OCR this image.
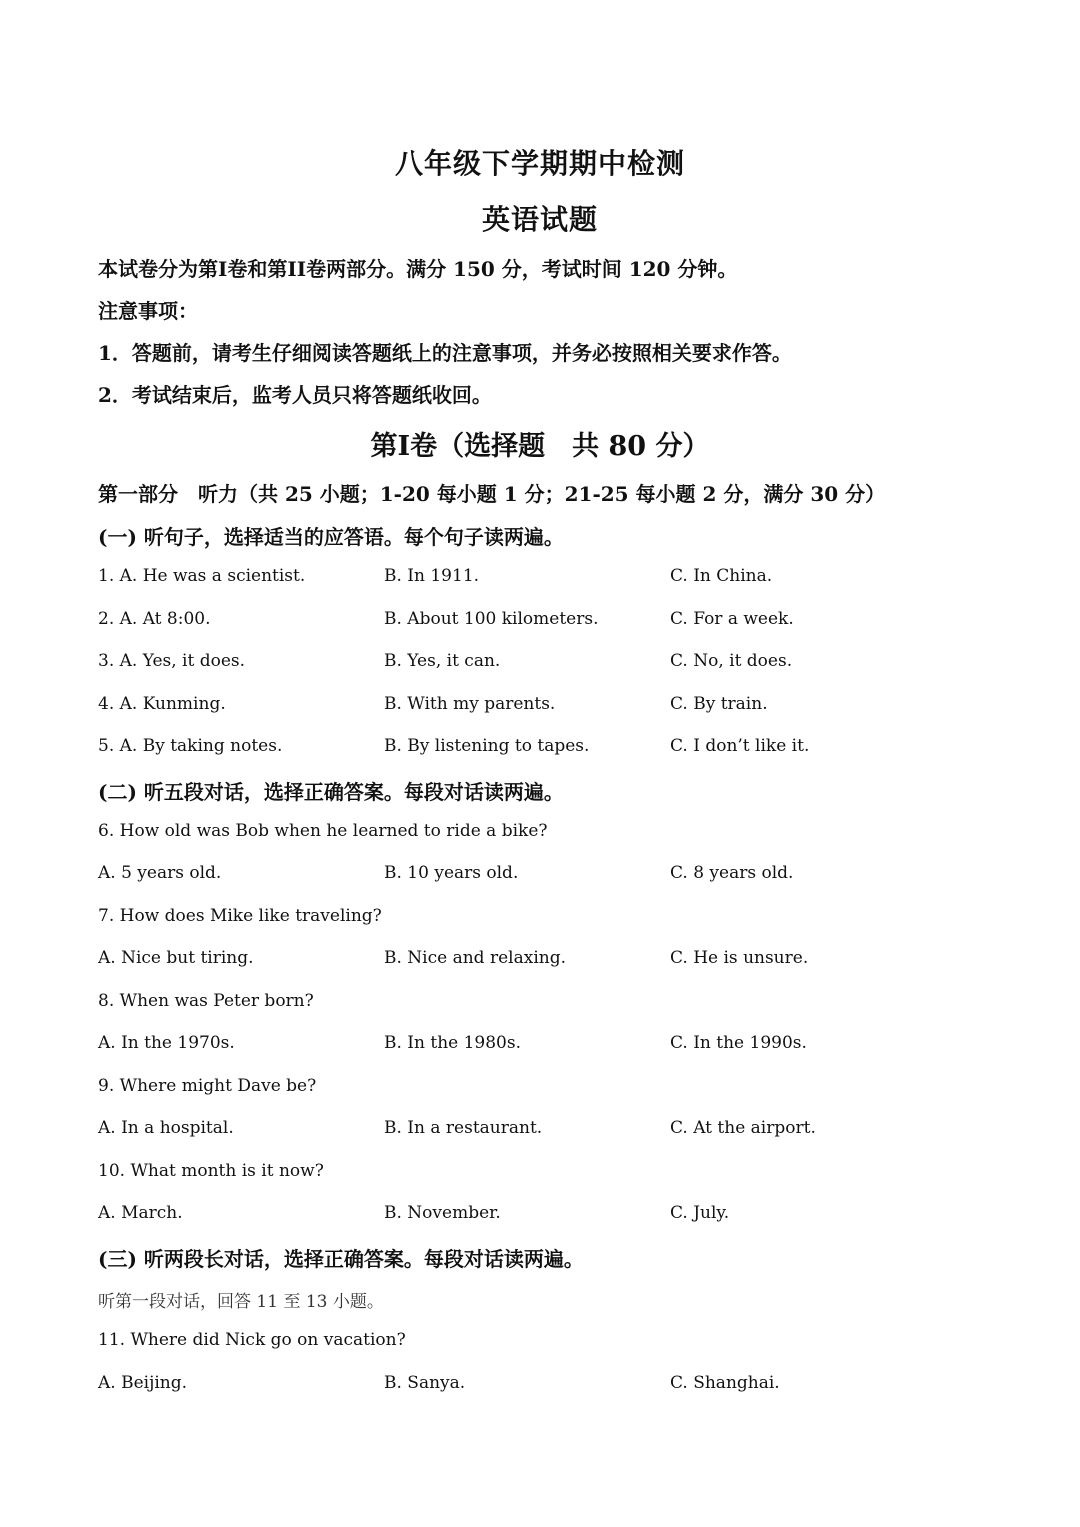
八年级下学期期中检测
英语试题
本试卷分为第I卷和第II卷两部分。满分 150 分，考试时间 120 分钟。
注意事项：
1．答题前，请考生仔细阅读答题纸上的注意事项，并务必按照相关要求作答。
2．考试结束后，监考人员只将答题纸收回。
第I卷（选择题　共 80 分）
第一部分　听力（共 25 小题；1-20 每小题 1 分；21-25 每小题 2 分，满分 30 分）
(一) 听句子，选择适当的应答语。每个句子读两遍。
1. A. He was a scientist.	B. In 1911.	C. In China.
2. A. At 8:00.	B. About 100 kilometers.	C. For a week.
3. A. Yes, it does.	B. Yes, it can.	C. No, it does.
4. A. Kunming.	B. With my parents.	C. By train.
5. A. By taking notes.	B. By listening to tapes.	C. I don’t like it.
(二) 听五段对话，选择正确答案。每段对话读两遍。
6. How old was Bob when he learned to ride a bike?
A. 5 years old.	B. 10 years old.	C. 8 years old.
7. How does Mike like traveling?
A. Nice but tiring.	B. Nice and relaxing.	C. He is unsure.
8. When was Peter born?
A. In the 1970s.	B. In the 1980s.	C. In the 1990s.
9. Where might Dave be?
A. In a hospital.	B. In a restaurant.	C. At the airport.
10. What month is it now?
A. March.	B. November.	C. July.
(三) 听两段长对话，选择正确答案。每段对话读两遍。
听第一段对话，回答 11 至 13 小题。
11. Where did Nick go on vacation?
A. Beijing.	B. Sanya.	C. Shanghai.
